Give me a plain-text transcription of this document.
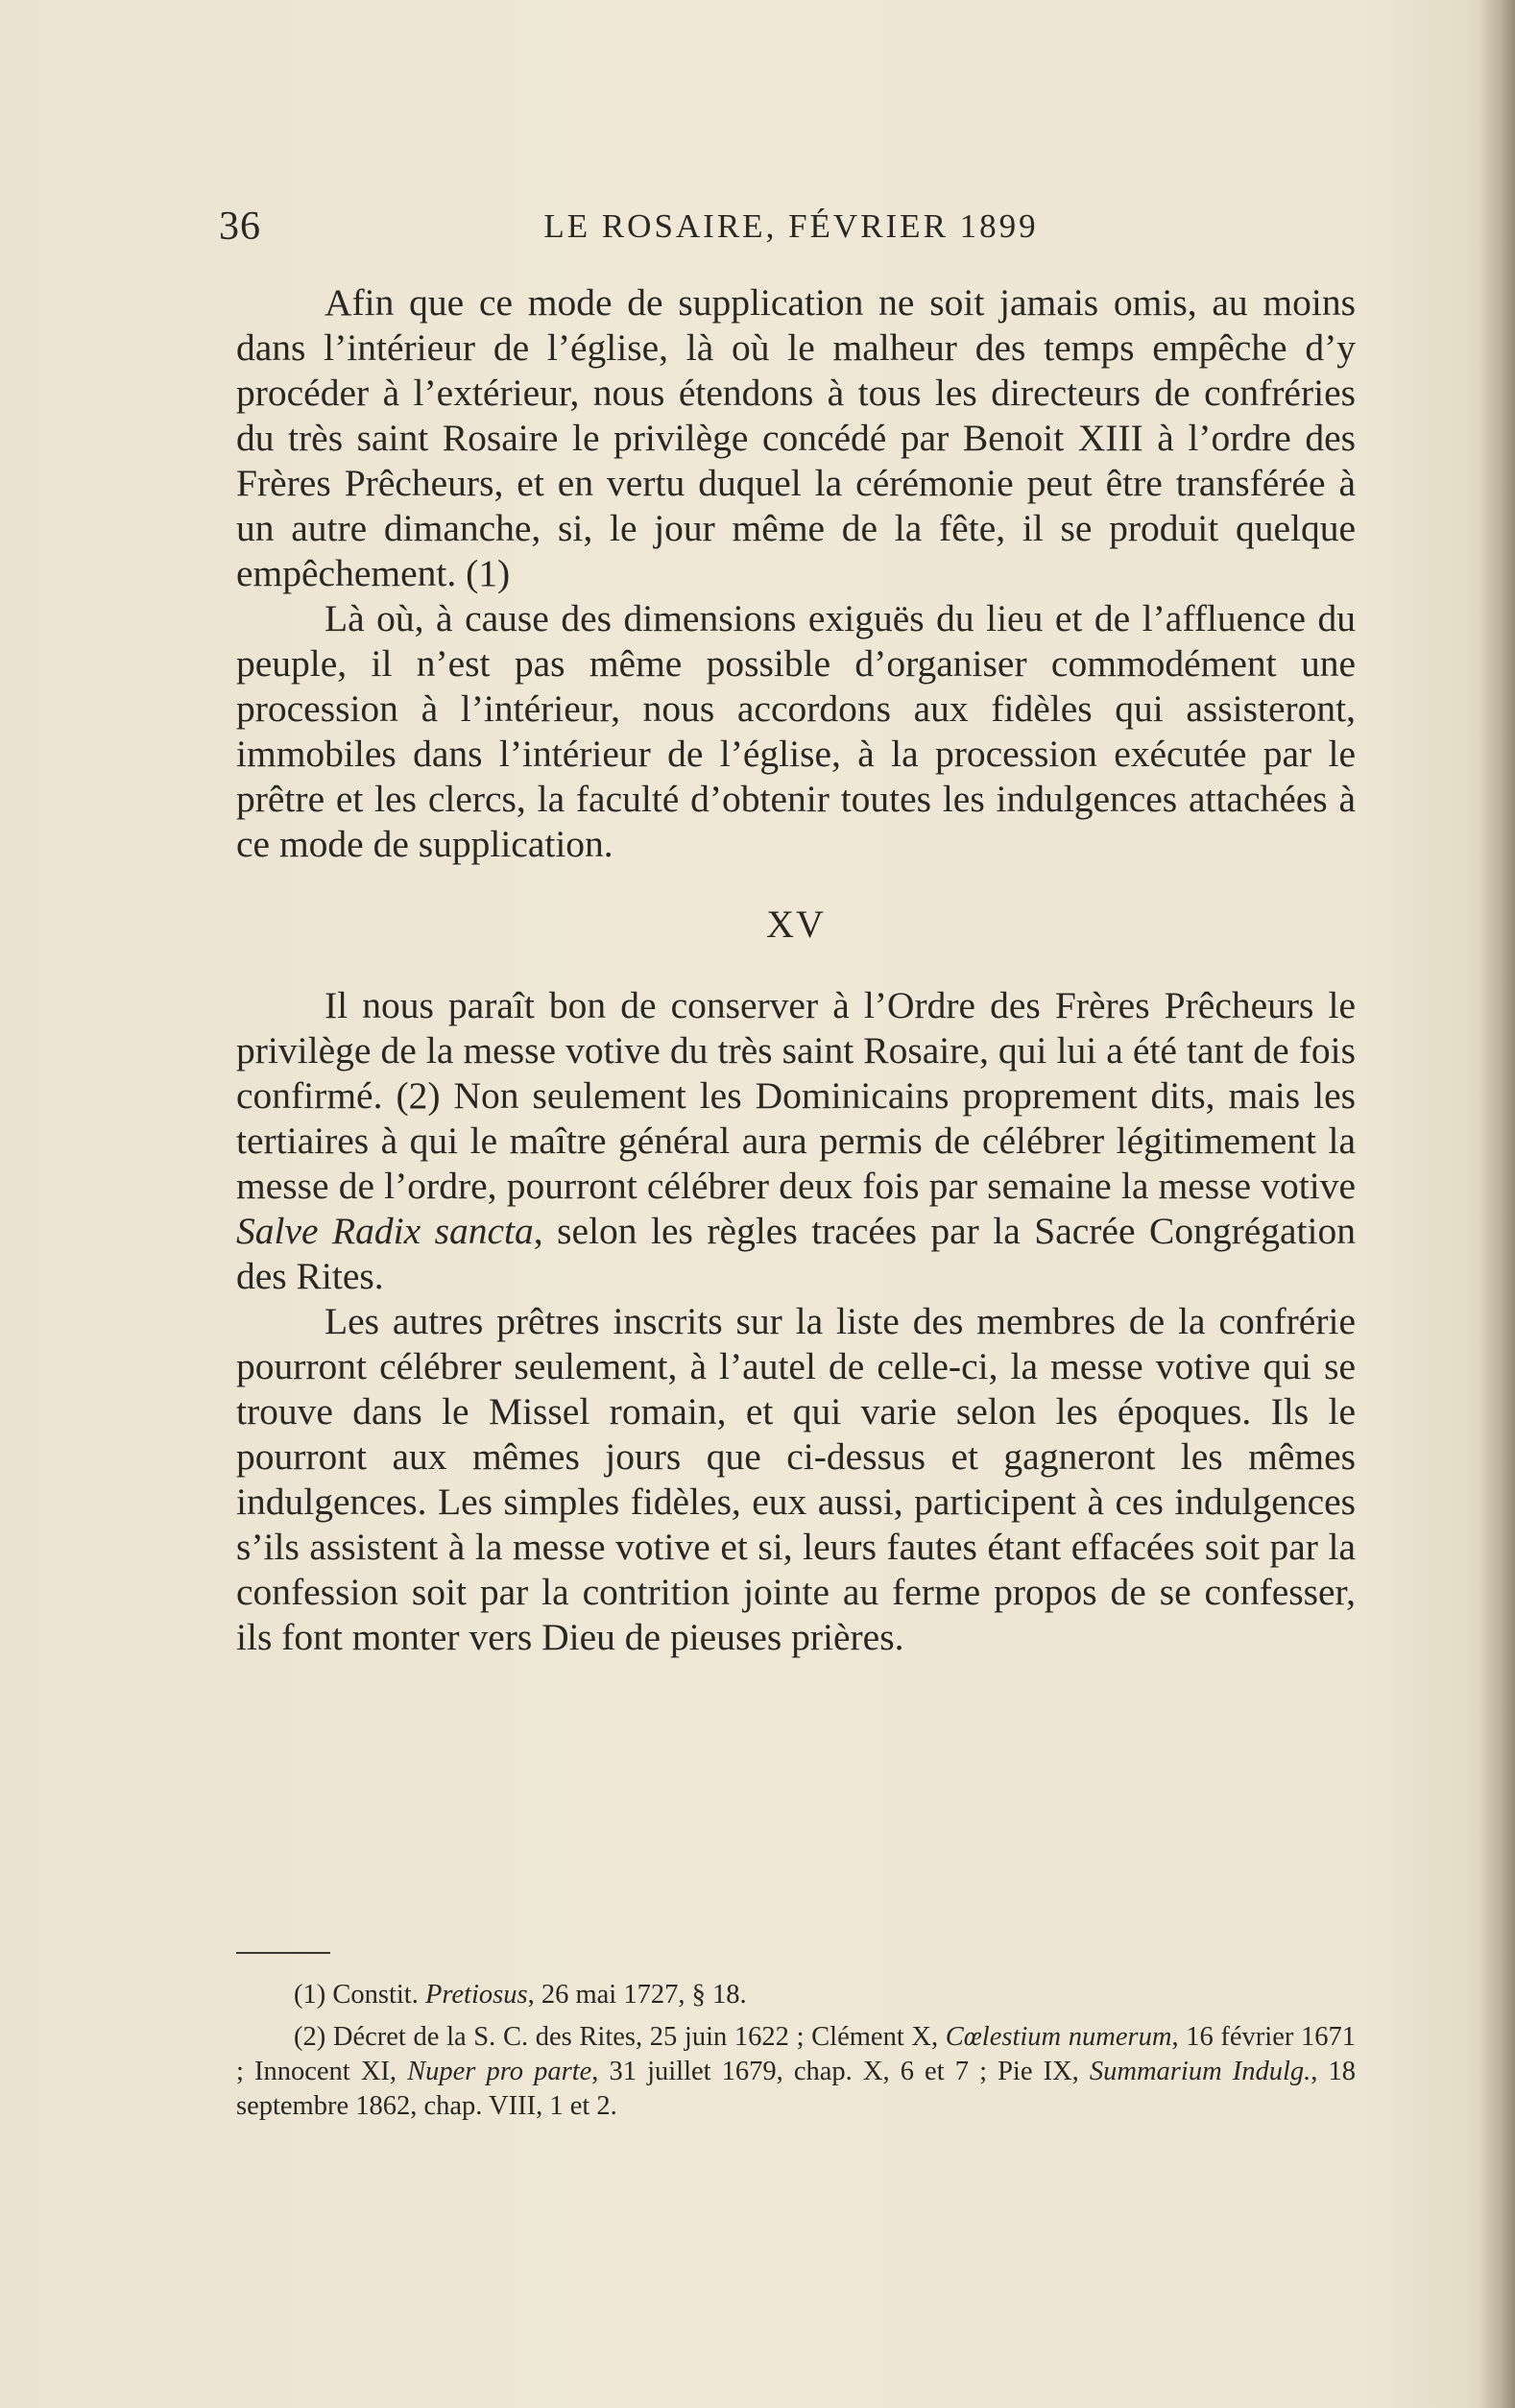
36	LE ROSAIRE, FÉVRIER 1899

Afin que ce mode de supplication ne soit jamais omis, au moins dans l’intérieur de l’église, là où le malheur des temps empêche d’y procéder à l’extérieur, nous étendons à tous les directeurs de confréries du très saint Rosaire le privilège concédé par Benoit XIII à l’ordre des Frères Prêcheurs, et en vertu duquel la cérémonie peut être transférée à un autre dimanche, si, le jour même de la fête, il se produit quelque empêchement. (1)

Là où, à cause des dimensions exiguës du lieu et de l’affluence du peuple, il n’est pas même possible d’organiser commodément une procession à l’intérieur, nous accordons aux fidèles qui assisteront, immobiles dans l’intérieur de l’église, à la procession exécutée par le prêtre et les clercs, la faculté d’obtenir toutes les indulgences attachées à ce mode de supplication.

XV

Il nous paraît bon de conserver à l’Ordre des Frères Prêcheurs le privilège de la messe votive du très saint Rosaire, qui lui a été tant de fois confirmé. (2) Non seulement les Dominicains proprement dits, mais les tertiaires à qui le maître général aura permis de célébrer légitimement la messe de l’ordre, pourront célébrer deux fois par semaine la messe votive Salve Radix sancta, selon les règles tracées par la Sacrée Congrégation des Rites.

Les autres prêtres inscrits sur la liste des membres de la confrérie pourront célébrer seulement, à l’autel de celle-ci, la messe votive qui se trouve dans le Missel romain, et qui varie selon les époques. Ils le pourront aux mêmes jours que ci-dessus et gagneront les mêmes indulgences. Les simples fidèles, eux aussi, participent à ces indulgences s’ils assistent à la messe votive et si, leurs fautes étant effacées soit par la confession soit par la contrition jointe au ferme propos de se confesser, ils font monter vers Dieu de pieuses prières.

(1) Constit. Pretiosus, 26 mai 1727, § 18.

(2) Décret de la S. C. des Rites, 25 juin 1622 ; Clément X, Cœlestium numerum, 16 février 1671 ; Innocent XI, Nuper pro parte, 31 juillet 1679, chap. X, 6 et 7 ; Pie IX, Summarium Indulg., 18 septembre 1862, chap. VIII, 1 et 2.
